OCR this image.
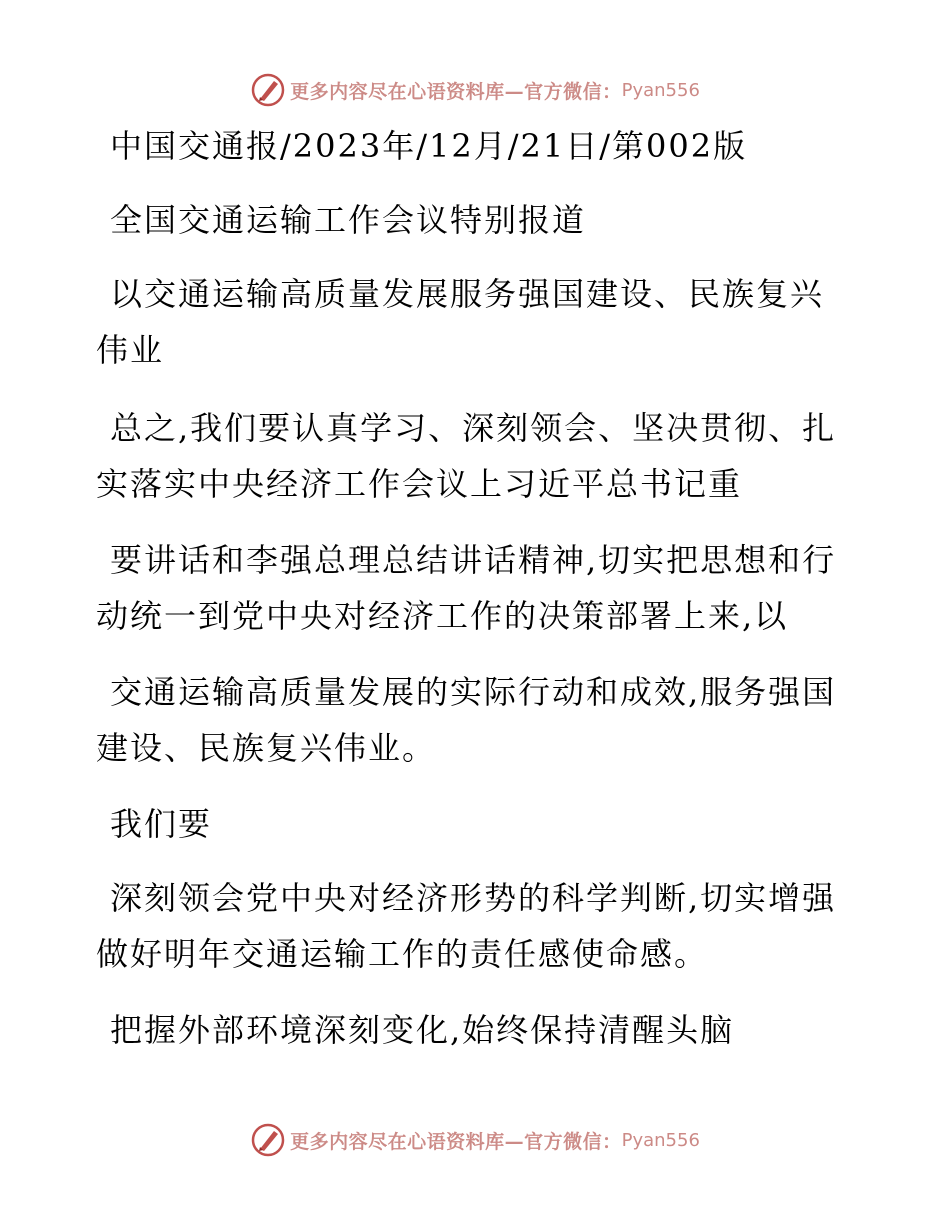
更多内容尽在心语资料库—官方微信： Pyan556
中国交通报/2023年/12月/21日/第002版
全国交通运输工作会议特别报道
以交通运输高质量发展服务强国建设、民族复兴
伟业
总之,我们要认真学习、深刻领会、坚决贯彻、扎
实落实中央经济工作会议上习近平总书记重
要讲话和李强总理总结讲话精神,切实把思想和行
动统一到党中央对经济工作的决策部署上来,以
交通运输高质量发展的实际行动和成效,服务强国
建设、民族复兴伟业。
我们要
深刻领会党中央对经济形势的科学判断,切实增强
做好明年交通运输工作的责任感使命感。
把握外部环境深刻变化,始终保持清醒头脑
更多内容尽在心语资料库—官方微信： Pyan556
